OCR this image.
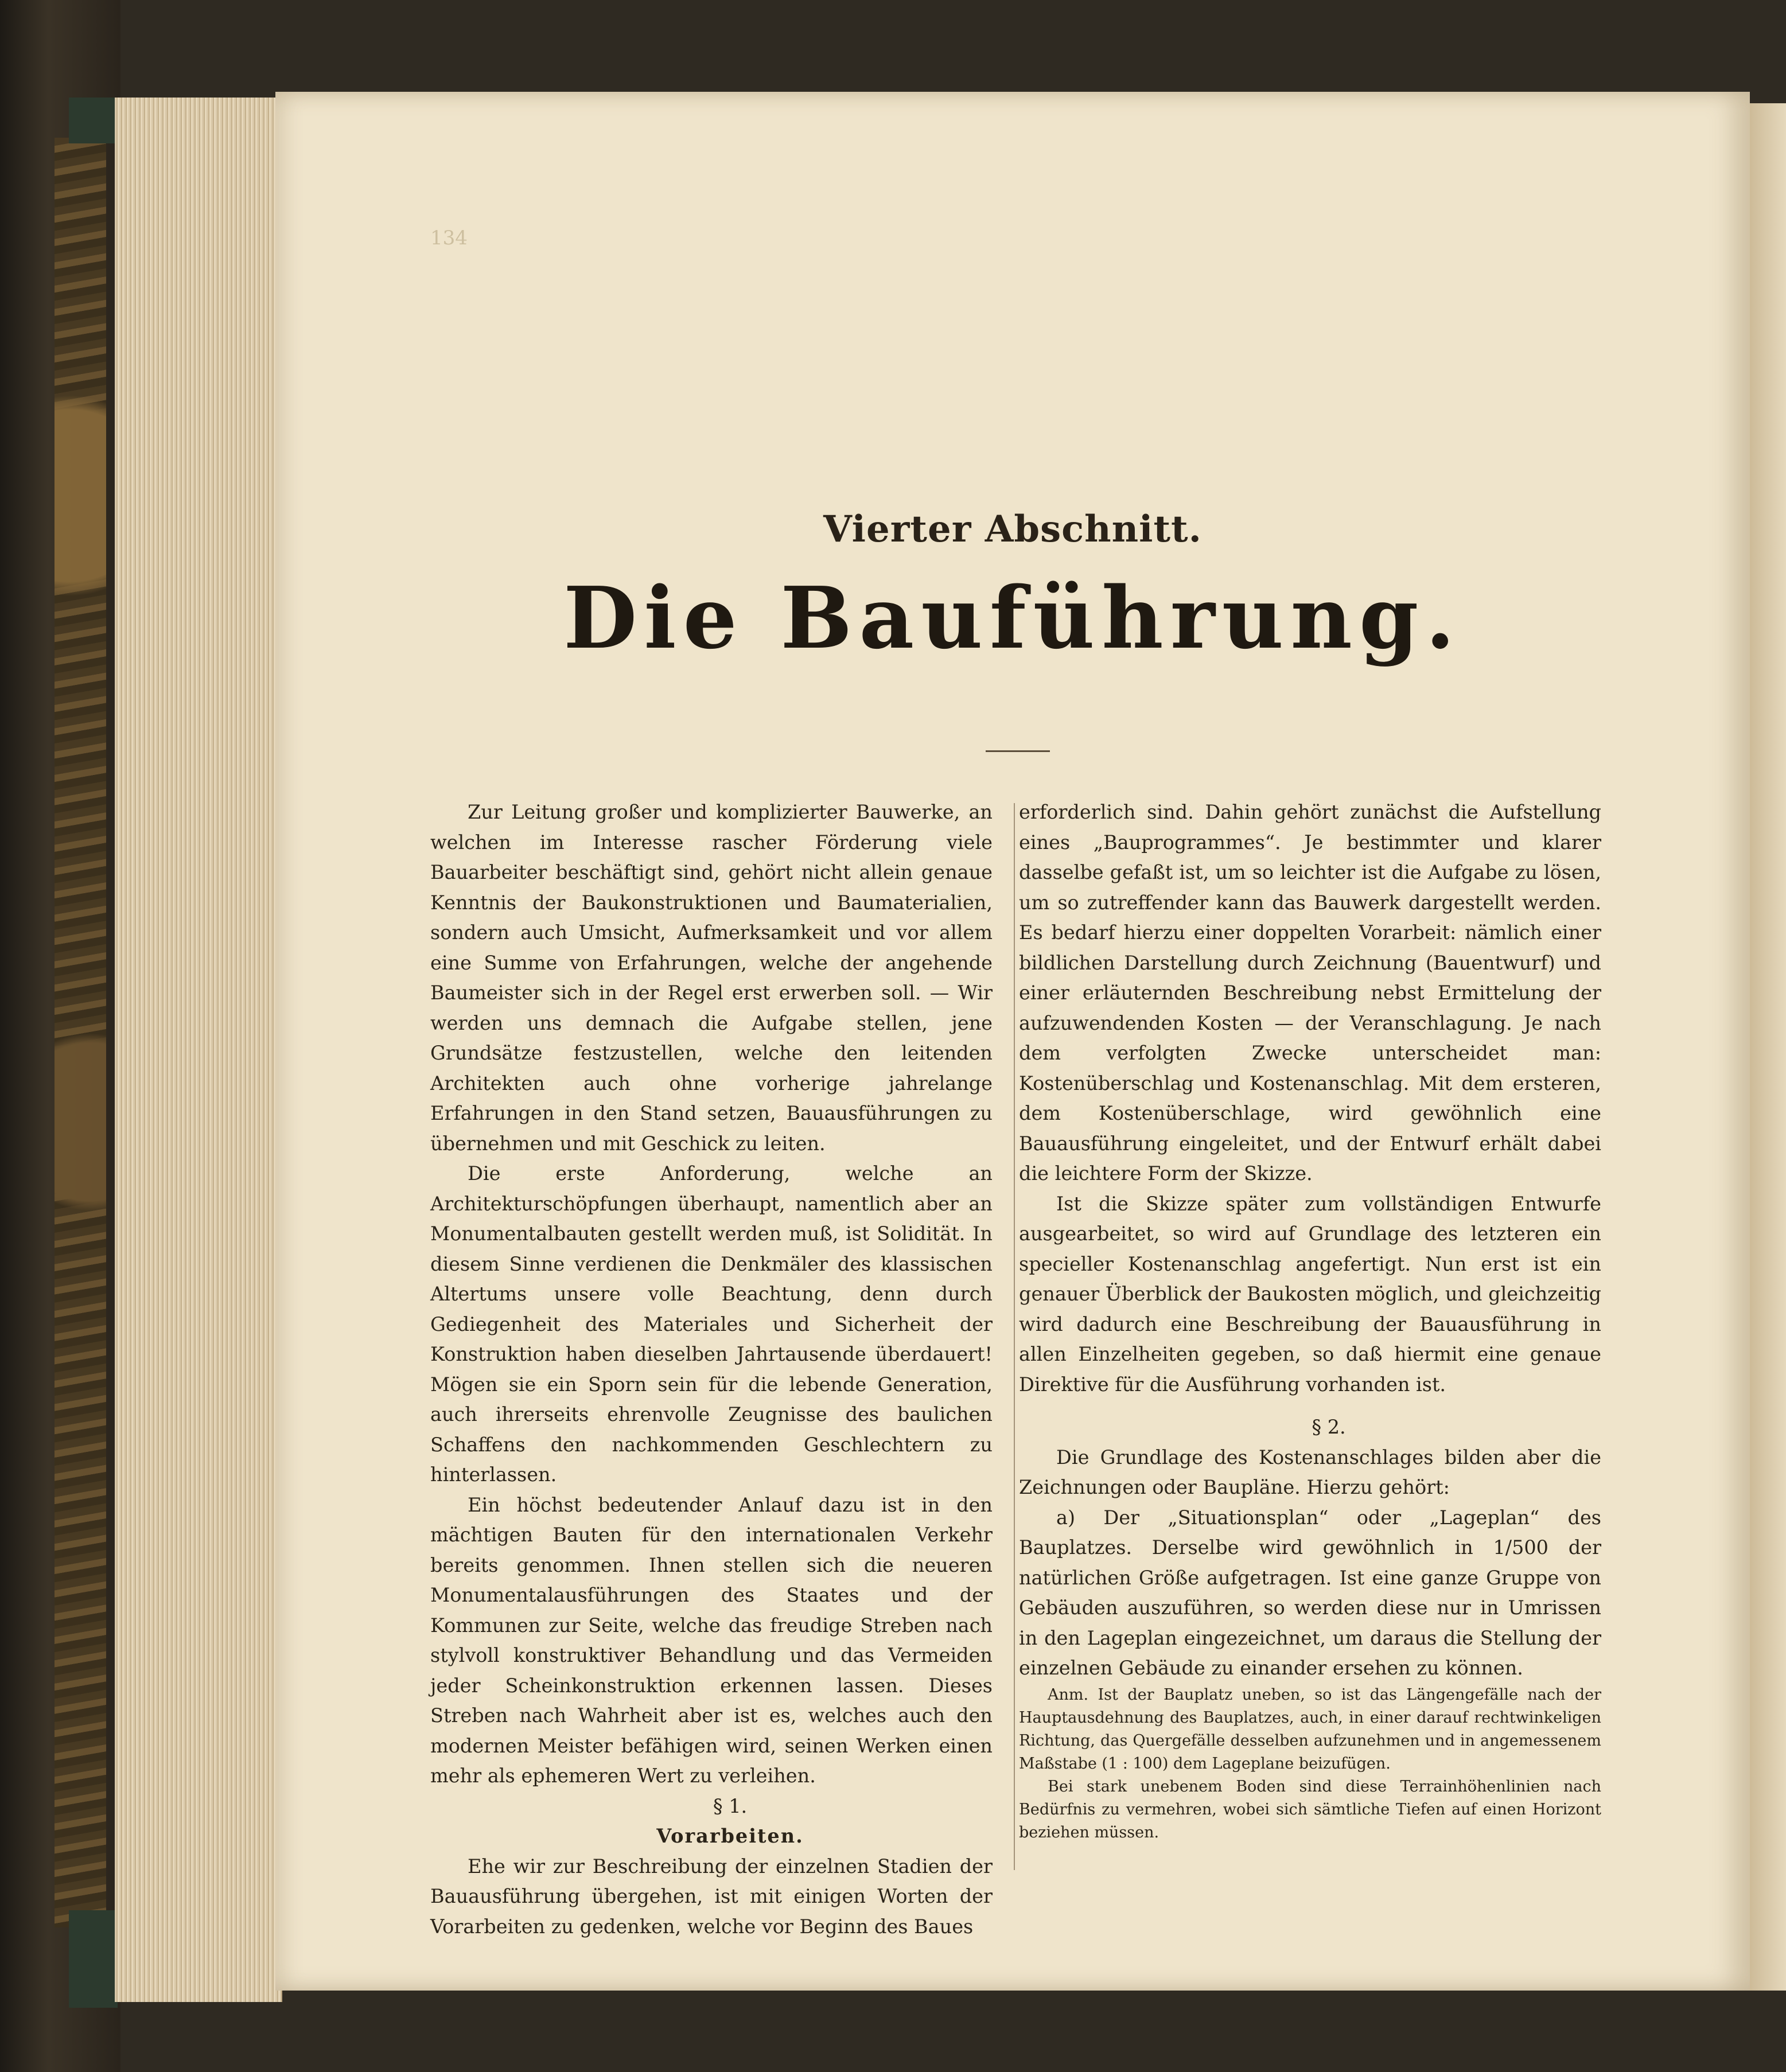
134
Vierter Abschnitt.
Die Bauführung.

Zur Leitung großer und komplizierter Bauwerke, an welchen im Interesse rascher Förderung viele Bauarbeiter beschäftigt sind, gehört nicht allein genaue Kenntnis der Baukonstruktionen und Baumaterialien, sondern auch Umsicht, Aufmerksamkeit und vor allem eine Summe von Erfahrungen, welche der angehende Baumeister sich in der Regel erst erwerben soll. — Wir werden uns demnach die Aufgabe stellen, jene Grundsätze festzustellen, welche den leitenden Architekten auch ohne vorherige jahrelange Erfahrungen in den Stand setzen, Bauausführungen zu übernehmen und mit Geschick zu leiten.

Die erste Anforderung, welche an Architekturschöpfungen überhaupt, namentlich aber an Monumentalbauten gestellt werden muß, ist Solidität. In diesem Sinne verdienen die Denkmäler des klassischen Altertums unsere volle Beachtung, denn durch Gediegenheit des Materiales und Sicherheit der Konstruktion haben dieselben Jahrtausende überdauert! Mögen sie ein Sporn sein für die lebende Generation, auch ihrerseits ehrenvolle Zeugnisse des baulichen Schaffens den nachkommenden Geschlechtern zu hinterlassen.

Ein höchst bedeutender Anlauf dazu ist in den mächtigen Bauten für den internationalen Verkehr bereits genommen. Ihnen stellen sich die neueren Monumentalausführungen des Staates und der Kommunen zur Seite, welche das freudige Streben nach stylvoll konstruktiver Behandlung und das Vermeiden jeder Scheinkonstruktion erkennen lassen. Dieses Streben nach Wahrheit aber ist es, welches auch den modernen Meister befähigen wird, seinen Werken einen mehr als ephemeren Wert zu verleihen.

§ 1.

Vorarbeiten.

Ehe wir zur Beschreibung der einzelnen Stadien der Bauausführung übergehen, ist mit einigen Worten der Vorarbeiten zu gedenken, welche vor Beginn des Baues

erforderlich sind. Dahin gehört zunächst die Aufstellung eines „Bauprogrammes“. Je bestimmter und klarer dasselbe gefaßt ist, um so leichter ist die Aufgabe zu lösen, um so zutreffender kann das Bauwerk dargestellt werden. Es bedarf hierzu einer doppelten Vorarbeit: nämlich einer bildlichen Darstellung durch Zeichnung (Bauentwurf) und einer erläuternden Beschreibung nebst Ermittelung der aufzuwendenden Kosten — der Veranschlagung. Je nach dem verfolgten Zwecke unterscheidet man: Kostenüberschlag und Kostenanschlag. Mit dem ersteren, dem Kostenüberschlage, wird gewöhnlich eine Bauausführung eingeleitet, und der Entwurf erhält dabei die leichtere Form der Skizze.

Ist die Skizze später zum vollständigen Entwurfe ausgearbeitet, so wird auf Grundlage des letzteren ein specieller Kostenanschlag angefertigt. Nun erst ist ein genauer Überblick der Baukosten möglich, und gleichzeitig wird dadurch eine Beschreibung der Bauausführung in allen Einzelheiten gegeben, so daß hiermit eine genaue Direktive für die Ausführung vorhanden ist.

§ 2.

Die Grundlage des Kostenanschlages bilden aber die Zeichnungen oder Baupläne. Hierzu gehört:

a) Der „Situationsplan“ oder „Lageplan“ des Bauplatzes. Derselbe wird gewöhnlich in 1/500 der natürlichen Größe aufgetragen. Ist eine ganze Gruppe von Gebäuden auszuführen, so werden diese nur in Umrissen in den Lageplan eingezeichnet, um daraus die Stellung der einzelnen Gebäude zu einander ersehen zu können.

Anm. Ist der Bauplatz uneben, so ist das Längengefälle nach der Hauptausdehnung des Bauplatzes, auch, in einer darauf rechtwinkeligen Richtung, das Quergefälle desselben aufzunehmen und in angemessenem Maßstabe (1 : 100) dem Lageplane beizufügen.

Bei stark unebenem Boden sind diese Terrainhöhenlinien nach Bedürfnis zu vermehren, wobei sich sämtliche Tiefen auf einen Horizont beziehen müssen.
